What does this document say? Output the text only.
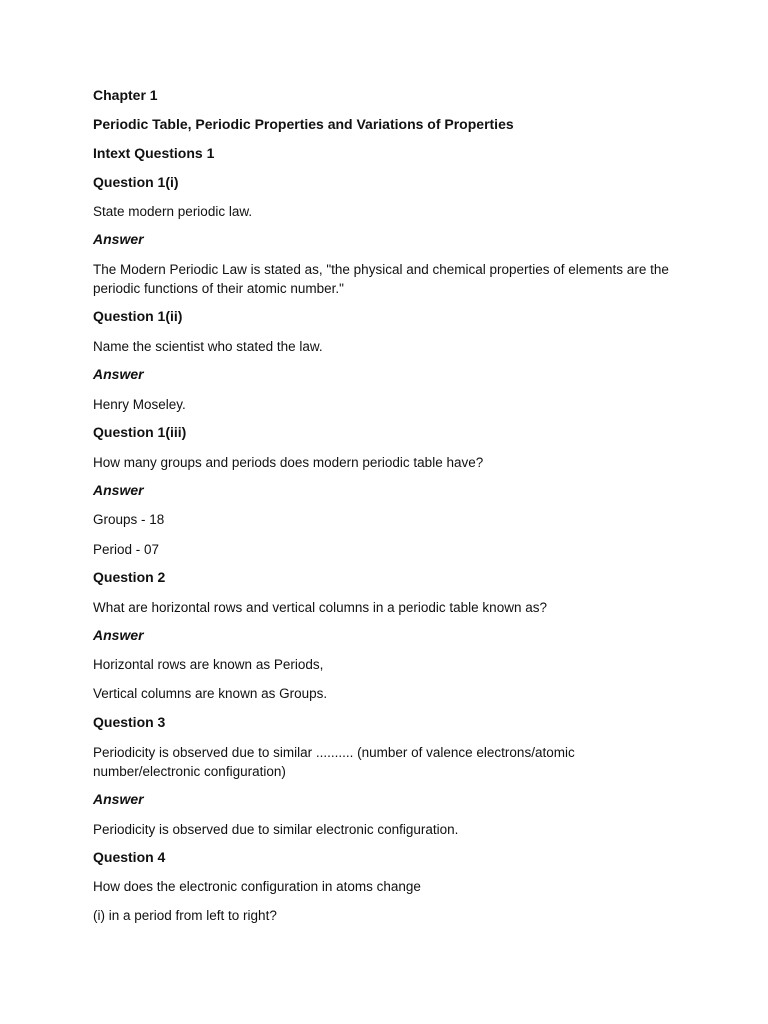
Chapter 1
Periodic Table, Periodic Properties and Variations of Properties
Intext Questions 1
Question 1(i)
State modern periodic law.
Answer
The Modern Periodic Law is stated as, "the physical and chemical properties of elements are the periodic functions of their atomic number."
Question 1(ii)
Name the scientist who stated the law.
Answer
Henry Moseley.
Question 1(iii)
How many groups and periods does modern periodic table have?
Answer
Groups - 18
Period - 07
Question 2
What are horizontal rows and vertical columns in a periodic table known as?
Answer
Horizontal rows are known as Periods,
Vertical columns are known as Groups.
Question 3
Periodicity is observed due to similar .......... (number of valence electrons/atomic number/electronic configuration)
Answer
Periodicity is observed due to similar electronic configuration.
Question 4
How does the electronic configuration in atoms change
(i) in a period from left to right?
